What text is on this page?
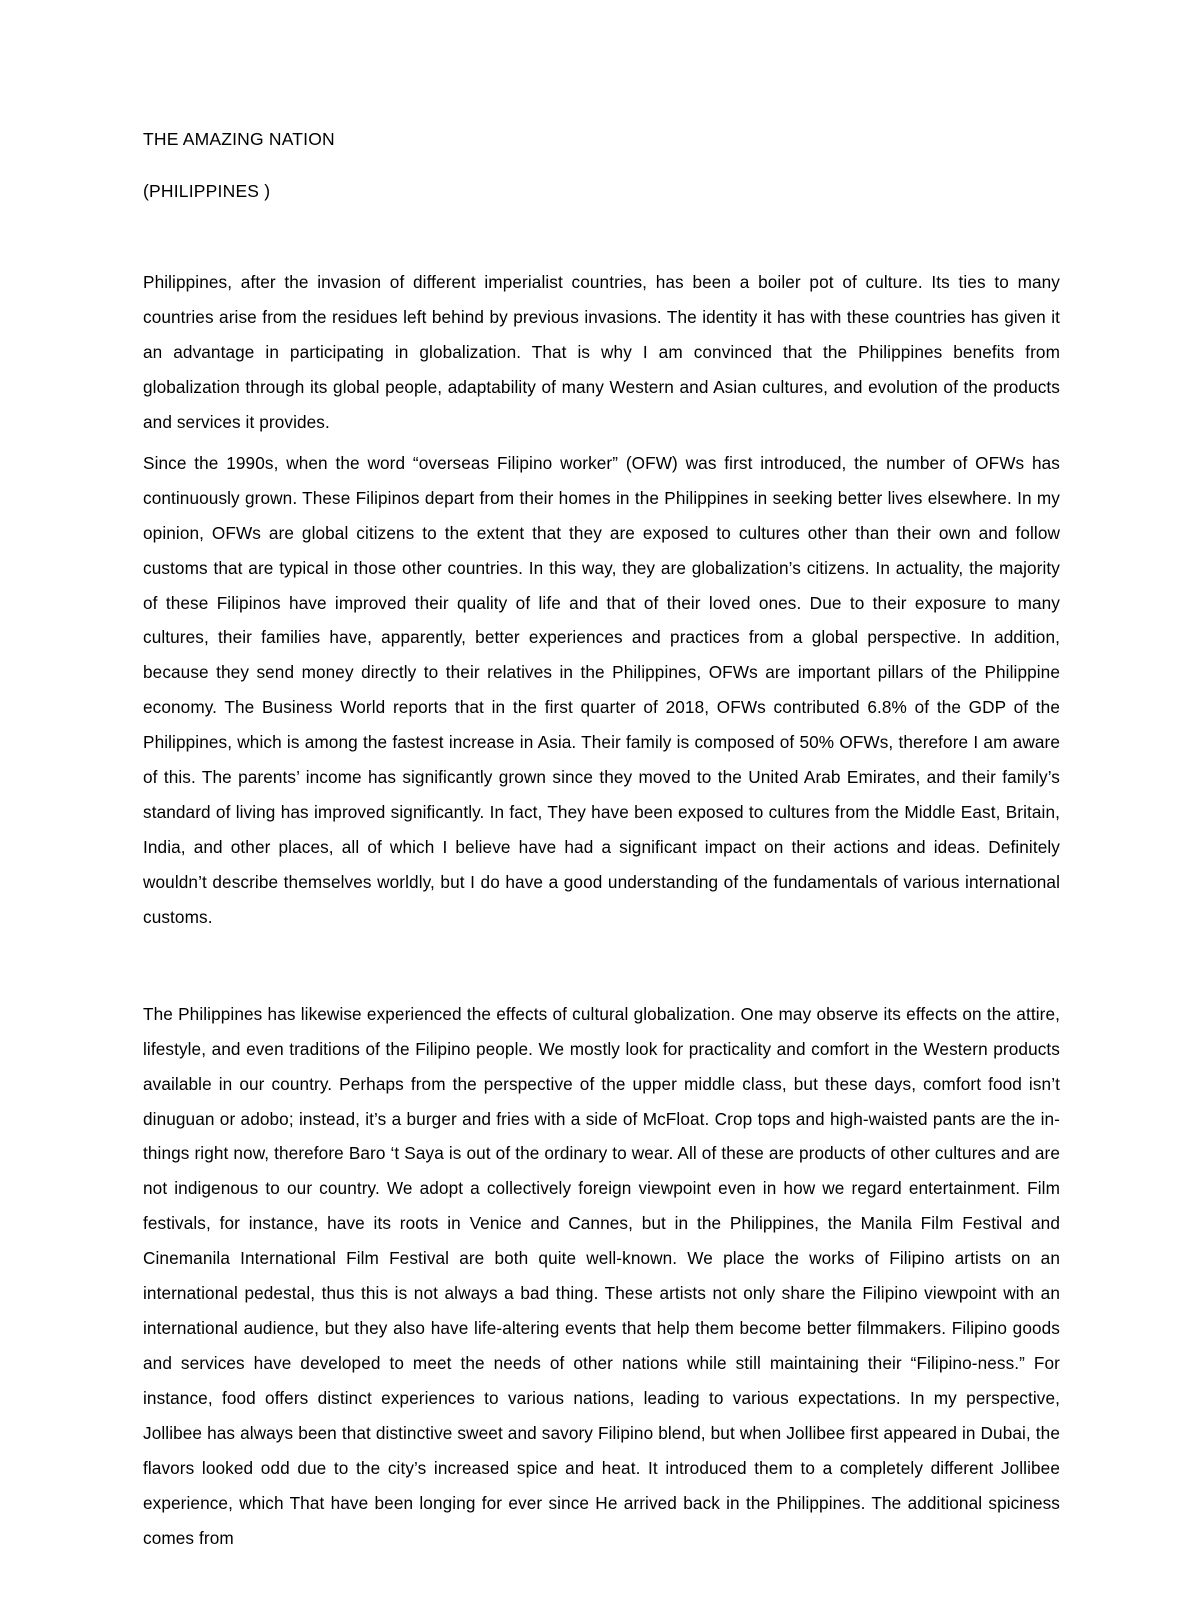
THE AMAZING NATION

(PHILIPPINES )

Philippines, after the invasion of different imperialist countries, has been a boiler pot of culture. Its ties to many countries arise from the residues left behind by previous invasions. The identity it has with these countries has given it an advantage in participating in globalization. That is why I am convinced that the Philippines benefits from globalization through its global people, adaptability of many Western and Asian cultures, and evolution of the products and services it provides.

Since the 1990s, when the word “overseas Filipino worker” (OFW) was first introduced, the number of OFWs has continuously grown. These Filipinos depart from their homes in the Philippines in seeking better lives elsewhere. In my opinion, OFWs are global citizens to the extent that they are exposed to cultures other than their own and follow customs that are typical in those other countries. In this way, they are globalization’s citizens. In actuality, the majority of these Filipinos have improved their quality of life and that of their loved ones. Due to their exposure to many cultures, their families have, apparently, better experiences and practices from a global perspective. In addition, because they send money directly to their relatives in the Philippines, OFWs are important pillars of the Philippine economy. The Business World reports that in the first quarter of 2018, OFWs contributed 6.8% of the GDP of the Philippines, which is among the fastest increase in Asia. Their family is composed of 50% OFWs, therefore I am aware of this. The parents’ income has significantly grown since they moved to the United Arab Emirates, and their family’s standard of living has improved significantly. In fact, They have been exposed to cultures from the Middle East, Britain, India, and other places, all of which I believe have had a significant impact on their actions and ideas. Definitely wouldn’t describe themselves worldly, but I do have a good understanding of the fundamentals of various international customs.

The Philippines has likewise experienced the effects of cultural globalization. One may observe its effects on the attire, lifestyle, and even traditions of the Filipino people. We mostly look for practicality and comfort in the Western products available in our country. Perhaps from the perspective of the upper middle class, but these days, comfort food isn’t dinuguan or adobo; instead, it’s a burger and fries with a side of McFloat. Crop tops and high-waisted pants are the in-things right now, therefore Baro ‘t Saya is out of the ordinary to wear. All of these are products of other cultures and are not indigenous to our country. We adopt a collectively foreign viewpoint even in how we regard entertainment. Film festivals, for instance, have its roots in Venice and Cannes, but in the Philippines, the Manila Film Festival and Cinemanila International Film Festival are both quite well-known. We place the works of Filipino artists on an international pedestal, thus this is not always a bad thing. These artists not only share the Filipino viewpoint with an international audience, but they also have life-altering events that help them become better filmmakers. Filipino goods and services have developed to meet the needs of other nations while still maintaining their “Filipino-ness.” For instance, food offers distinct experiences to various nations, leading to various expectations. In my perspective, Jollibee has always been that distinctive sweet and savory Filipino blend, but when Jollibee first appeared in Dubai, the flavors looked odd due to the city’s increased spice and heat. It introduced them to a completely different Jollibee experience, which That have been longing for ever since He arrived back in the Philippines. The additional spiciness comes from
